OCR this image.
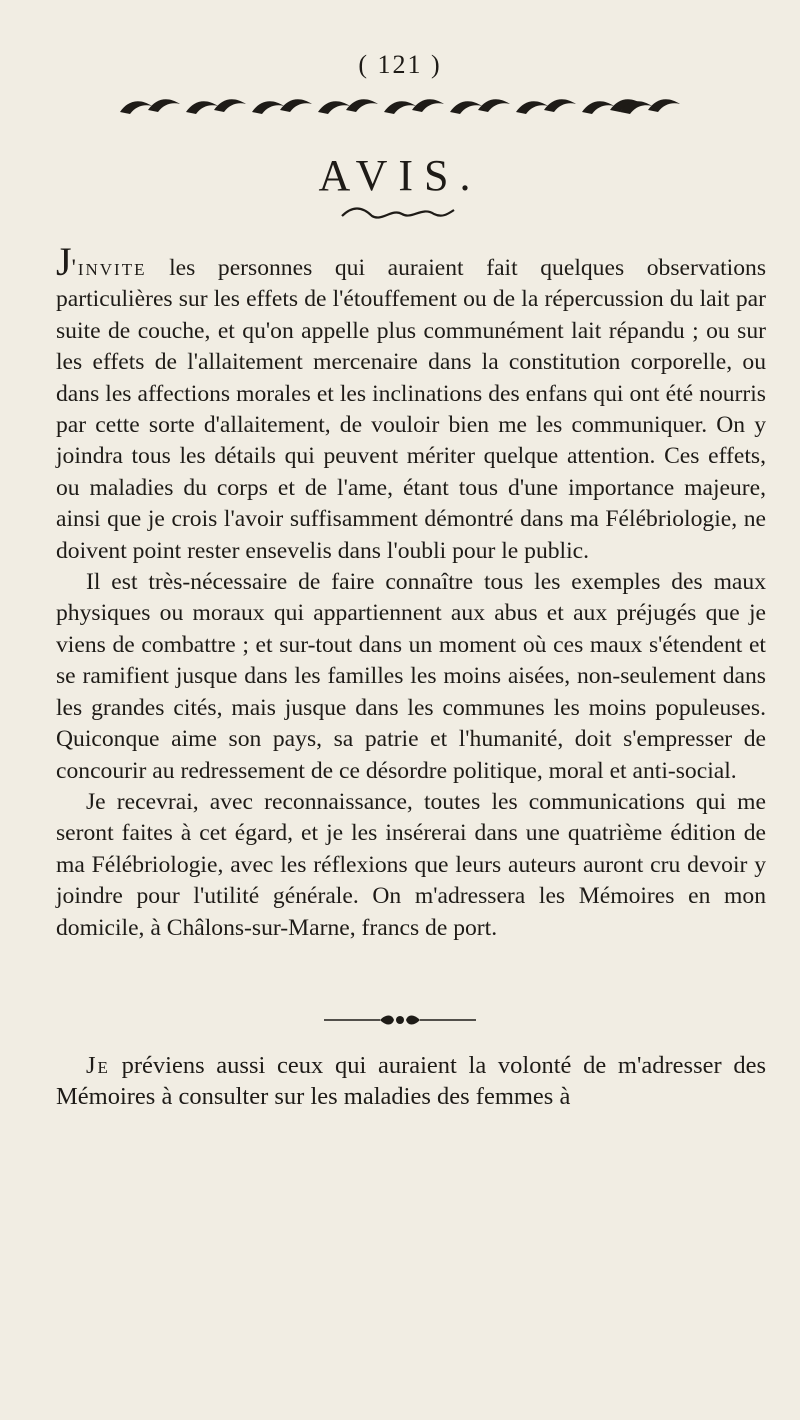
( 121 )
AVIS.

J'invite les personnes qui auraient fait quelques observations particulières sur les effets de l'étouffement ou de la répercussion du lait par suite de couche, et qu'on appelle plus communément lait répandu ; ou sur les effets de l'allaitement mercenaire dans la constitution corporelle, ou dans les affections morales et les inclinations des enfans qui ont été nourris par cette sorte d'allaitement, de vouloir bien me les communiquer. On y joindra tous les détails qui peuvent mériter quelque attention. Ces effets, ou maladies du corps et de l'ame, étant tous d'une importance majeure, ainsi que je crois l'avoir suffisamment démontré dans ma Félébriologie, ne doivent point rester ensevelis dans l'oubli pour le public.

Il est très-nécessaire de faire connaître tous les exemples des maux physiques ou moraux qui appartiennent aux abus et aux préjugés que je viens de combattre ; et sur-tout dans un moment où ces maux s'étendent et se ramifient jusque dans les familles les moins aisées, non-seulement dans les grandes cités, mais jusque dans les communes les moins populeuses. Quiconque aime son pays, sa patrie et l'humanité, doit s'empresser de concourir au redressement de ce désordre politique, moral et anti-social.

Je recevrai, avec reconnaissance, toutes les communications qui me seront faites à cet égard, et je les insérerai dans une quatrième édition de ma Félébriologie, avec les réflexions que leurs auteurs auront cru devoir y joindre pour l'utilité générale. On m'adressera les Mémoires en mon domicile, à Châlons-sur-Marne, francs de port.

Je préviens aussi ceux qui auraient la volonté de m'adresser des Mémoires à consulter sur les maladies des femmes à
